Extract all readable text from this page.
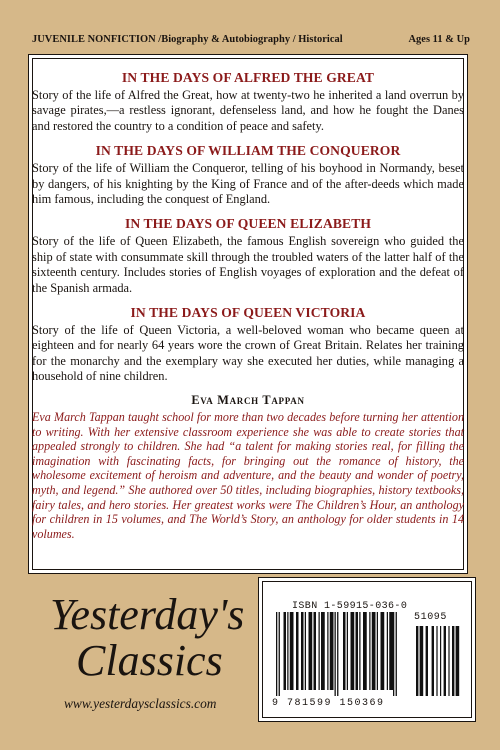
JUVENILE NONFICTION /Biography & Autobiography / Historical	Ages 11 & Up
IN THE DAYS OF ALFRED THE GREAT

Story of the life of Alfred the Great, how at twenty-two he inherited a land overrun by savage pirates,—a restless ignorant, defenseless land, and how he fought the Danes and restored the country to a condition of peace and safety.

IN THE DAYS OF WILLIAM THE CONQUEROR

Story of the life of William the Conqueror, telling of his boyhood in Normandy, beset by dangers, of his knighting by the King of France and of the after-deeds which made him famous, including the conquest of England.

IN THE DAYS OF QUEEN ELIZABETH

Story of the life of Queen Elizabeth, the famous English sovereign who guided the ship of state with consummate skill through the troubled waters of the latter half of the sixteenth century. Includes stories of English voyages of exploration and the defeat of the Spanish armada.

IN THE DAYS OF QUEEN VICTORIA

Story of the life of Queen Victoria, a well-beloved woman who became queen at eighteen and for nearly 64 years wore the crown of Great Britain. Relates her training for the monarchy and the exemplary way she executed her duties, while managing a household of nine children.

Eva March Tappan

Eva March Tappan taught school for more than two decades before turning her attention to writing. With her extensive classroom experience she was able to create stories that appealed strongly to children. She had “a talent for making stories real, for filling the imagination with fascinating facts, for bringing out the romance of history, the wholesome excitement of heroism and adventure, and the beauty and wonder of poetry, myth, and legend.” She authored over 50 titles, including biographies, history textbooks, fairy tales, and hero stories. Her greatest works were The Children’s Hour, an anthology for children in 15 volumes, and The World’s Story, an anthology for older students in 14 volumes.

Yesterday's
Classics
www.yesterdaysclassics.com
ISBN 1-59915-036-0
51095
9 781599 150369
